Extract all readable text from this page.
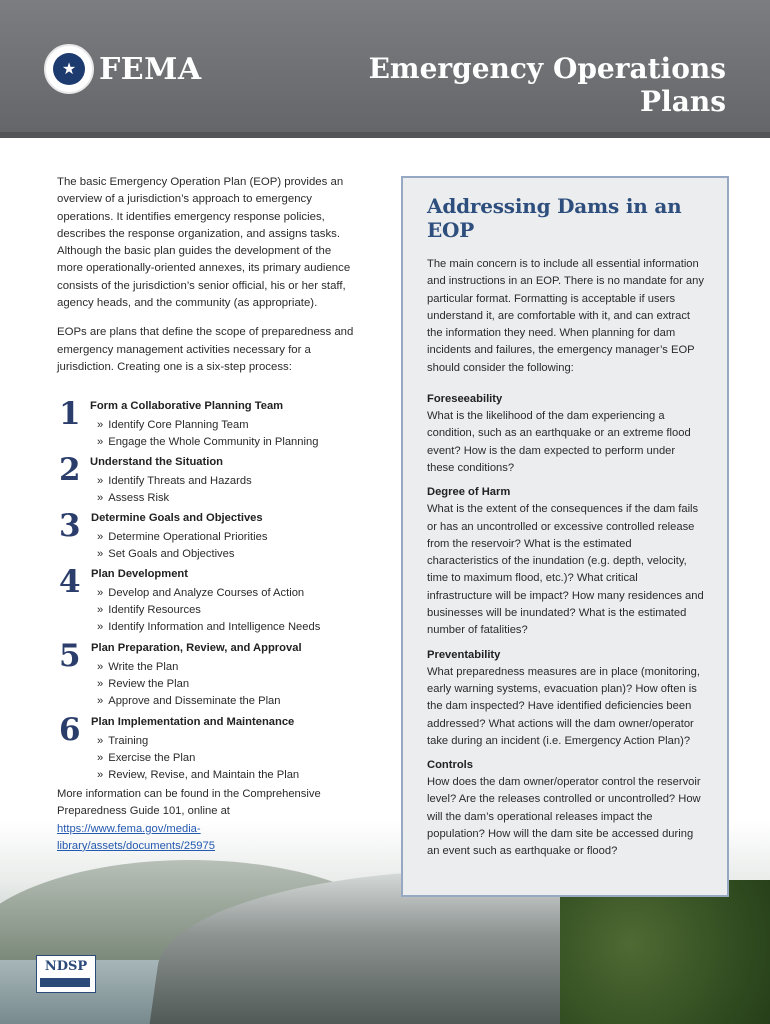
★ FEMA	Emergency Operations Plans

The basic Emergency Operation Plan (EOP) provides an overview of a jurisdiction’s approach to emergency operations. It identifies emergency response policies, describes the response organization, and assigns tasks. Although the basic plan guides the development of the more operationally-oriented annexes, its primary audience consists of the jurisdiction’s senior official, his or her staff, agency heads, and the community (as appropriate).

EOPs are plans that define the scope of preparedness and emergency management activities necessary for a jurisdiction. Creating one is a six-step process:

1 Form a Collaborative Planning Team
» Identify Core Planning Team
» Engage the Whole Community in Planning
2 Understand the Situation
» Identify Threats and Hazards
» Assess Risk
3 Determine Goals and Objectives
» Determine Operational Priorities
» Set Goals and Objectives
4 Plan Development
» Develop and Analyze Courses of Action
» Identify Resources
» Identify Information and Intelligence Needs
5 Plan Preparation, Review, and Approval
» Write the Plan
» Review the Plan
» Approve and Disseminate the Plan
6 Plan Implementation and Maintenance
» Training
» Exercise the Plan
» Review, Revise, and Maintain the Plan
More information can be found in the Comprehensive Preparedness Guide 101, online at https://www.fema.gov/media-library/assets/documents/25975
NDSP
Addressing Dams in an EOP

The main concern is to include all essential information and instructions in an EOP. There is no mandate for any particular format. Formatting is acceptable if users understand it, are comfortable with it, and can extract the information they need. When planning for dam incidents and failures, the emergency manager’s EOP should consider the following:

Foreseeability
What is the likelihood of the dam experiencing a condition, such as an earthquake or an extreme flood event? How is the dam expected to perform under these conditions?
Degree of Harm
What is the extent of the consequences if the dam fails or has an uncontrolled or excessive controlled release from the reservoir? What is the estimated characteristics of the inundation (e.g. depth, velocity, time to maximum flood, etc.)? What critical infrastructure will be impact? How many residences and businesses will be inundated? What is the estimated number of fatalities?
Preventability
What preparedness measures are in place (monitoring, early warning systems, evacuation plan)? How often is the dam inspected? Have identified deficiencies been addressed? What actions will the dam owner/operator take during an incident (i.e. Emergency Action Plan)?
Controls
How does the dam owner/operator control the reservoir level? Are the releases controlled or uncontrolled? How will the dam’s operational releases impact the population? How will the dam site be accessed during an event such as earthquake or flood?
